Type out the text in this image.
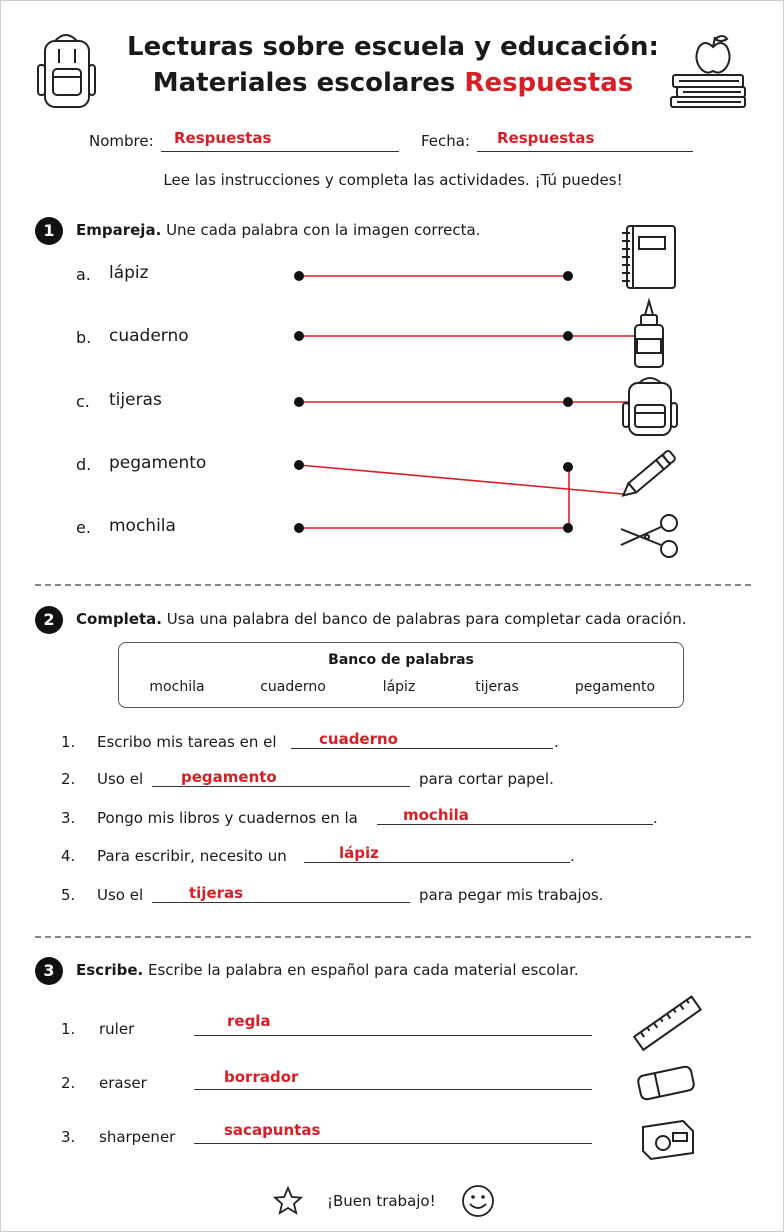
Lecturas sobre escuela y educación:
Materiales escolares Respuestas
Nombre: Respuestas	Fecha: Respuestas
Lee las instrucciones y completa las actividades. ¡Tú puedes!
1	Empareja. Une cada palabra con la imagen correcta.
a. lápiz
b. cuaderno
c. tijeras
d. pegamento
e. mochila
2	Completa. Usa una palabra del banco de palabras para completar cada oración.
Banco de palabras
mochila	cuaderno	lápiz	tijeras	pegamento
1. Escribo mis tareas en el	cuaderno	.
2. Uso el	pegamento	para cortar papel.
3. Pongo mis libros y cuadernos en la	mochila	.
4. Para escribir, necesito un	lápiz	.
5. Uso el	tijeras	para pegar mis trabajos.
3	Escribe. Escribe la palabra en español para cada material escolar.
1. ruler	regla
2. eraser	borrador
3. sharpener	sacapuntas
¡Buen trabajo!
